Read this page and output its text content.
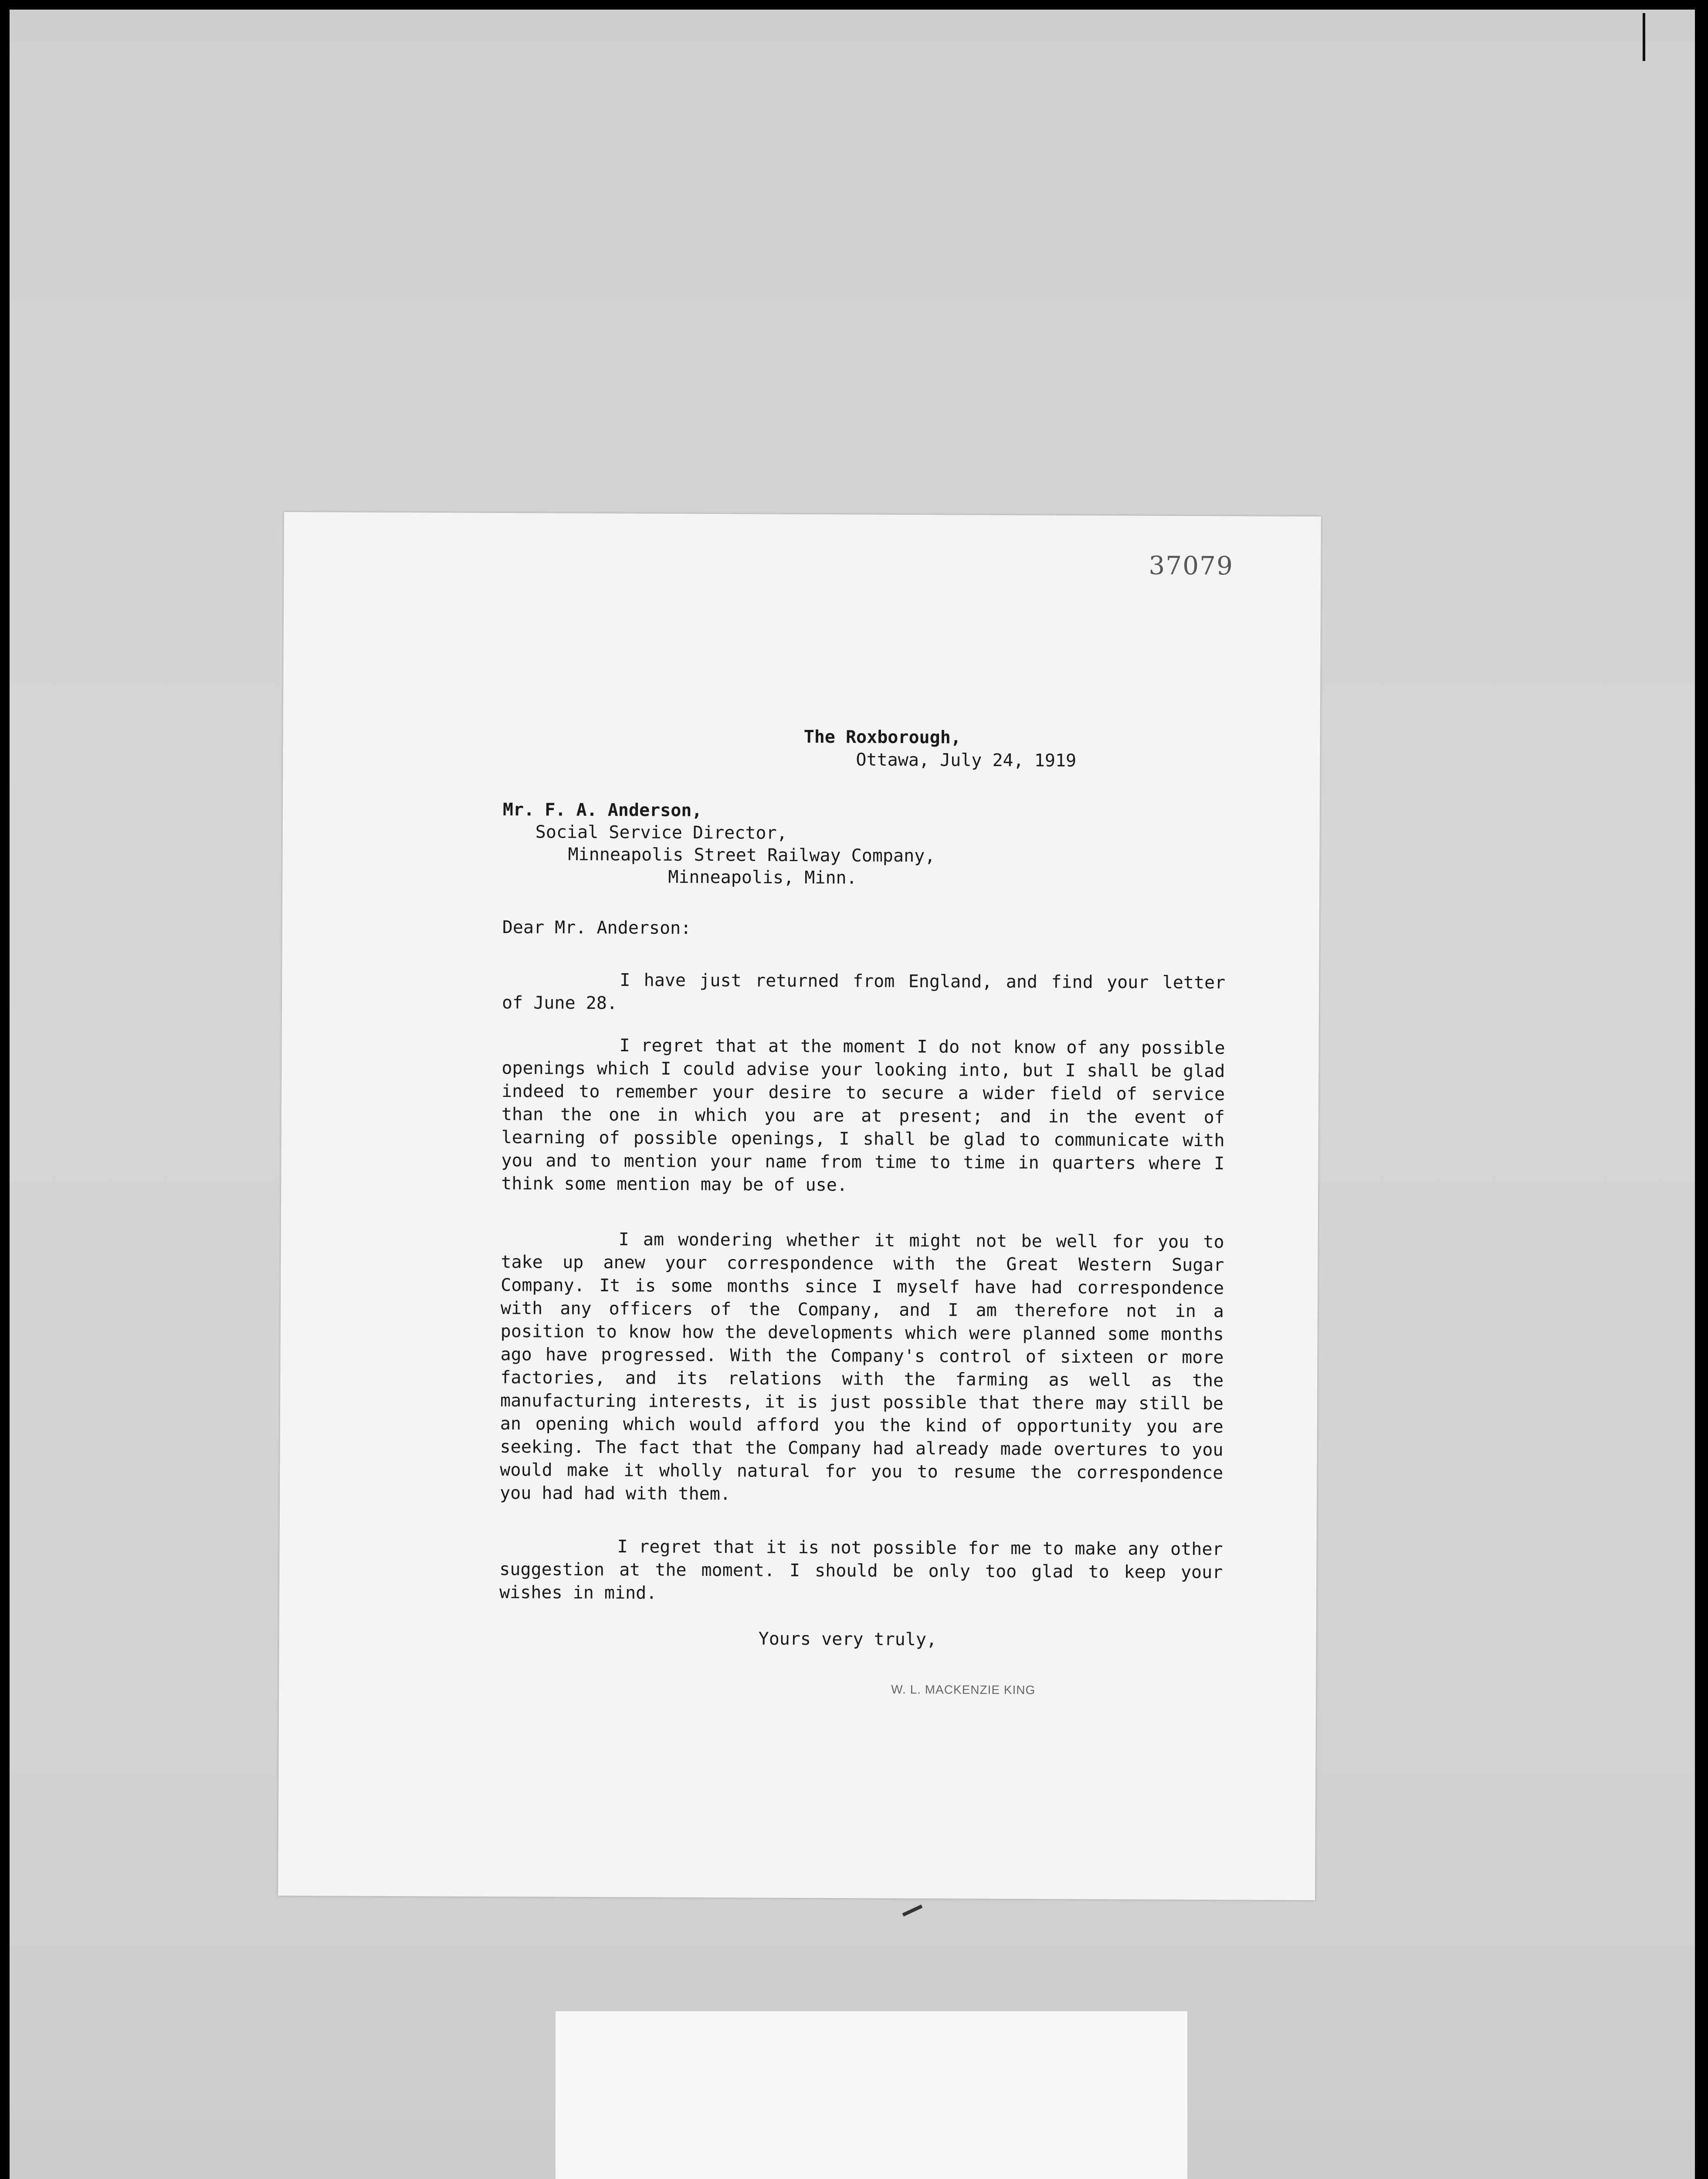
37079
The Roxborough,
Ottawa, July 24, 1919
Mr. F. A. Anderson,
Social Service Director,
Minneapolis Street Railway Company,
Minneapolis, Minn.
Dear Mr. Anderson:
I have just returned from England, and find your letter of June 28.
I regret that at the moment I do not know of any possible openings which I could advise your looking into, but I shall be glad indeed to remember your desire to secure a wider field of service than the one in which you are at present; and in the event of learning of possible openings, I shall be glad to communicate with you and to mention your name from time to time in quarters where I think some mention may be of use.
I am wondering whether it might not be well for you to take up anew your correspondence with the Great Western Sugar Company. It is some months since I myself have had correspondence with any officers of the Company, and I am therefore not in a position to know how the developments which were planned some months ago have progressed. With the Company's control of sixteen or more factories, and its relations with the farming as well as the manufacturing interests, it is just possible that there may still be an opening which would afford you the kind of opportunity you are seeking. The fact that the Company had already made overtures to you would make it wholly natural for you to resume the correspondence you had had with them.
I regret that it is not possible for me to make any other suggestion at the moment. I should be only too glad to keep your wishes in mind.
Yours very truly,
W. L. MACKENZIE KING
